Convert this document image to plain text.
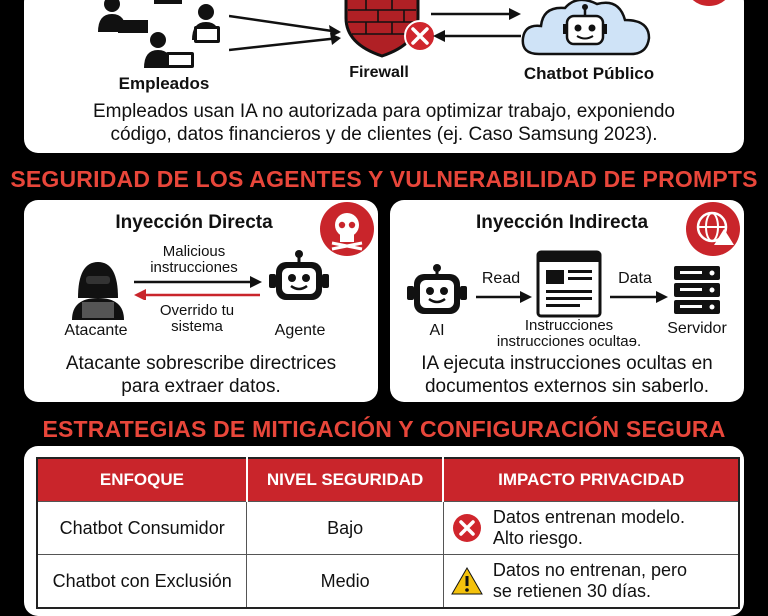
Empleados
Firewall	Chatbot Público
Empleados usan IA no autorizada para optimizar trabajo, exponiendo
código, datos financieros y de clientes (ej. Caso Samsung 2023).
SEGURIDAD DE LOS AGENTES Y VULNERABILIDAD DE PROMPTS
Inyección Directa
Atacante
Malicious
instrucciones
Overrido tu
sistema	Agente
Atacante sobrescribe directrices
para extraer datos.
Inyección Indirecta
AI
Read
Instrucciones
instrucciones ocultaɘ.
Data
Servidor
IA ejecuta instrucciones ocultas en
documentos externos sin saberlo.
ESTRATEGIAS DE MITIGACIÓN Y CONFIGURACIÓN SEGURA
ENFOQUE	NIVEL SEGURIDAD	IMPACTO PRIVACIDAD
Chatbot Consumidor	Bajo	Datos entrenan modelo.
Alto riesgo.

Chatbot con Exclusión	Medio	Datos no entrenan, pero
se retienen 30 días.
